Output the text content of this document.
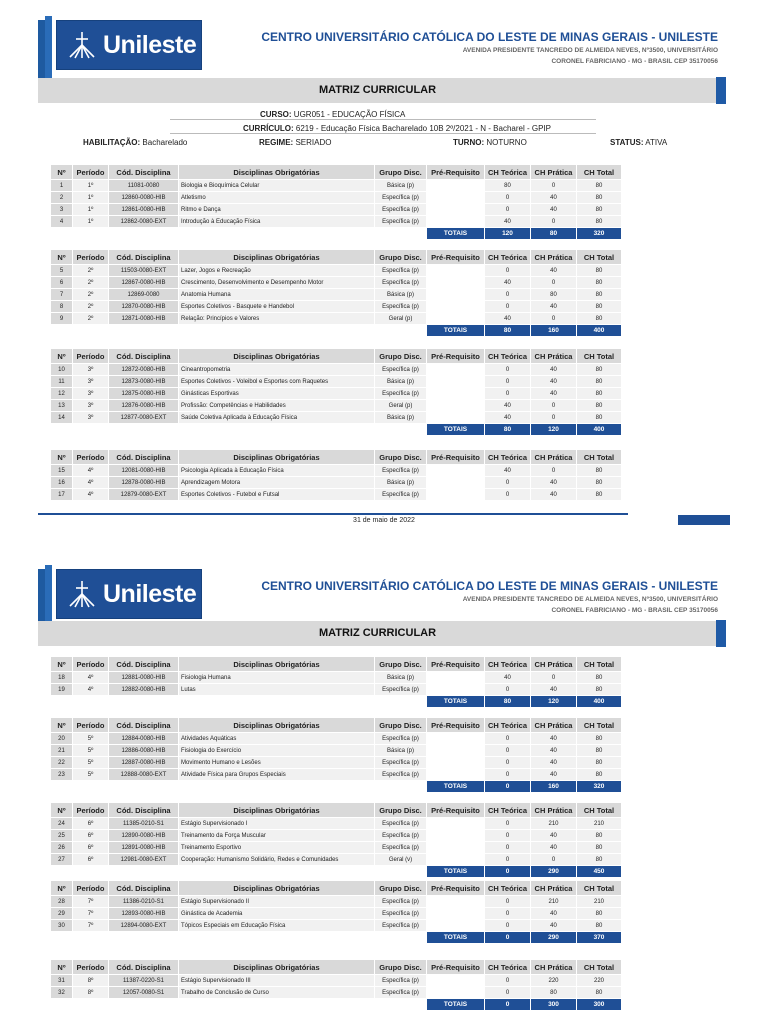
Unileste	CENTRO UNIVERSITÁRIO CATÓLICA DO LESTE DE MINAS GERAIS - UNILESTE
AVENIDA PRESIDENTE TANCREDO DE ALMEIDA NEVES, Nº3500, UNIVERSITÁRIO
CORONEL FABRICIANO - MG - BRASIL CEP 35170056
MATRIZ CURRICULAR
CURSO: UGR051 - EDUCAÇÃO FÍSICA
CURRÍCULO: 6219 - Educação Física Bacharelado 10B 2º/2021 - N - Bacharel - GPIP
HABILITAÇÃO: Bacharelado	REGIME: SERIADO	TURNO: NOTURNO	STATUS: ATIVA
Nº	Período	Cód. Disciplina	Disciplinas Obrigatórias	Grupo Disc.	Pré-Requisito	CH Teórica	CH Prática	CH Total
1	1º	11081-0080	Biologia e Bioquímica Celular	Básica (p)		80	0	80
2	1º	12860-0080-HIB	Atletismo	Específica (p)		0	40	80
3	1º	12861-0080-HIB	Ritmo e Dança	Específica (p)		0	40	80
4	1º	12862-0080-EXT	Introdução à Educação Física	Específica (p)		40	0	80
					TOTAIS	120	80	320
Nº	Período	Cód. Disciplina	Disciplinas Obrigatórias	Grupo Disc.	Pré-Requisito	CH Teórica	CH Prática	CH Total
5	2º	11503-0080-EXT	Lazer, Jogos e Recreação	Específica (p)		0	40	80
6	2º	12867-0080-HIB	Crescimento, Desenvolvimento e Desempenho Motor	Específica (p)		40	0	80
7	2º	12869-0080	Anatomia Humana	Básica (p)		0	80	80
8	2º	12870-0080-HIB	Esportes Coletivos - Basquete e Handebol	Específica (p)		0	40	80
9	2º	12871-0080-HIB	Relação: Princípios e Valores	Geral (p)		40	0	80
					TOTAIS	80	160	400
Nº	Período	Cód. Disciplina	Disciplinas Obrigatórias	Grupo Disc.	Pré-Requisito	CH Teórica	CH Prática	CH Total
10	3º	12872-0080-HIB	Cineantropometria	Específica (p)		0	40	80
11	3º	12873-0080-HIB	Esportes Coletivos - Voleibol e Esportes com Raquetes	Básica (p)		0	40	80
12	3º	12875-0080-HIB	Ginásticas Esportivas	Específica (p)		0	40	80
13	3º	12876-0080-HIB	Profissão: Competências e Habilidades	Geral (p)		40	0	80
14	3º	12877-0080-EXT	Saúde Coletiva Aplicada à Educação Física	Básica (p)		40	0	80
					TOTAIS	80	120	400
Nº	Período	Cód. Disciplina	Disciplinas Obrigatórias	Grupo Disc.	Pré-Requisito	CH Teórica	CH Prática	CH Total
15	4º	12081-0080-HIB	Psicologia Aplicada à Educação Física	Específica (p)		40	0	80
16	4º	12878-0080-HIB	Aprendizagem Motora	Básica (p)		0	40	80
17	4º	12879-0080-EXT	Esportes Coletivos - Futebol e Futsal	Específica (p)		0	40	80
31 de maio de 2022
Unileste	CENTRO UNIVERSITÁRIO CATÓLICA DO LESTE DE MINAS GERAIS - UNILESTE
AVENIDA PRESIDENTE TANCREDO DE ALMEIDA NEVES, Nº3500, UNIVERSITÁRIO
CORONEL FABRICIANO - MG - BRASIL CEP 35170056
MATRIZ CURRICULAR
Nº	Período	Cód. Disciplina	Disciplinas Obrigatórias	Grupo Disc.	Pré-Requisito	CH Teórica	CH Prática	CH Total
18	4º	12881-0080-HIB	Fisiologia Humana	Básica (p)		40	0	80
19	4º	12882-0080-HIB	Lutas	Específica (p)		0	40	80
					TOTAIS	80	120	400
Nº	Período	Cód. Disciplina	Disciplinas Obrigatórias	Grupo Disc.	Pré-Requisito	CH Teórica	CH Prática	CH Total
20	5º	12884-0080-HIB	Atividades Aquáticas	Específica (p)		0	40	80
21	5º	12886-0080-HIB	Fisiologia do Exercício	Básica (p)		0	40	80
22	5º	12887-0080-HIB	Movimento Humano e Lesões	Específica (p)		0	40	80
23	5º	12888-0080-EXT	Atividade Física para Grupos Especiais	Específica (p)		0	40	80
					TOTAIS	0	160	320
Nº	Período	Cód. Disciplina	Disciplinas Obrigatórias	Grupo Disc.	Pré-Requisito	CH Teórica	CH Prática	CH Total
24	6º	11385-0210-S1	Estágio Supervisionado I	Específica (p)		0	210	210
25	6º	12890-0080-HIB	Treinamento da Força Muscular	Específica (p)		0	40	80
26	6º	12891-0080-HIB	Treinamento Esportivo	Específica (p)		0	40	80
27	6º	12981-0080-EXT	Cooperação: Humanismo Solidário, Redes e Comunidades	Geral (v)		0	0	80
					TOTAIS	0	290	450
Nº	Período	Cód. Disciplina	Disciplinas Obrigatórias	Grupo Disc.	Pré-Requisito	CH Teórica	CH Prática	CH Total
28	7º	11386-0210-S1	Estágio Supervisionado II	Específica (p)		0	210	210
29	7º	12893-0080-HIB	Ginástica de Academia	Específica (p)		0	40	80
30	7º	12894-0080-EXT	Tópicos Especiais em Educação Física	Específica (p)		0	40	80
					TOTAIS	0	290	370
Nº	Período	Cód. Disciplina	Disciplinas Obrigatórias	Grupo Disc.	Pré-Requisito	CH Teórica	CH Prática	CH Total
31	8º	11387-0220-S1	Estágio Supervisionado III	Específica (p)		0	220	220
32	8º	12057-0080-S1	Trabalho de Conclusão de Curso	Específica (p)		0	80	80
					TOTAIS	0	300	300
